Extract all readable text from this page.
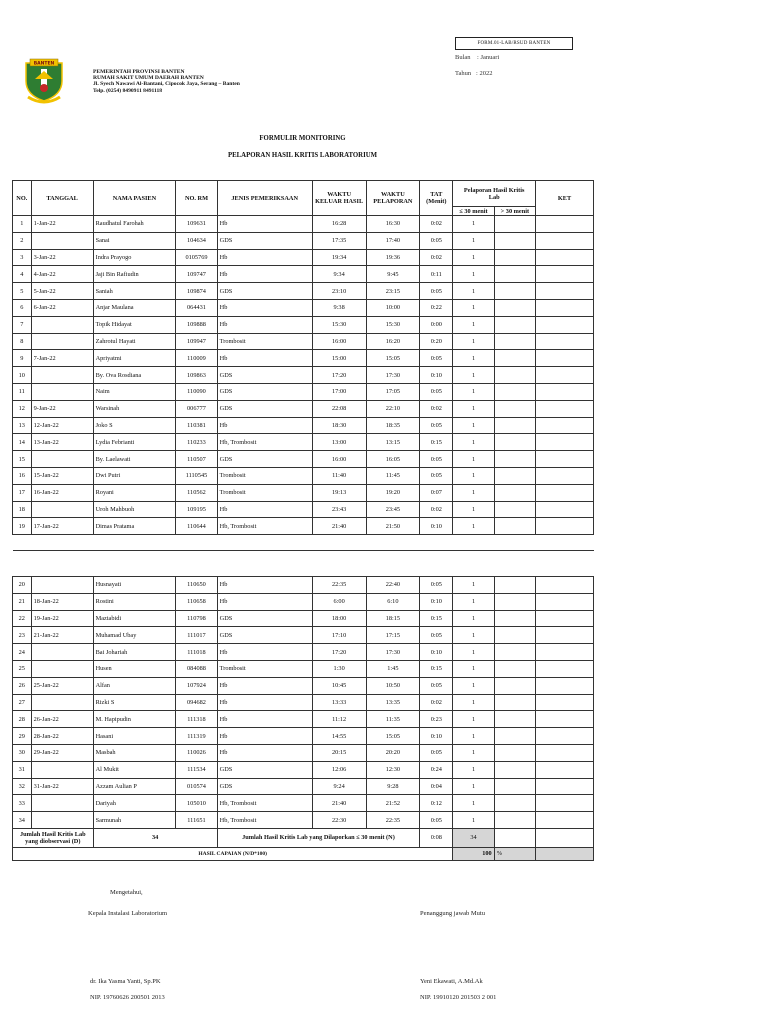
FORM.01-LAB/RSUD BANTEN
Bulan : Januari
Tahun : 2022
BANTEN
PEMERINTAH PROVINSI BANTEN
RUMAH SAKIT UMUM DAERAH BANTEN
Jl. Syech Nawawi Al-Bantani, Cipocok Jaya, Serang – Banten
Telp. (0254) 8490911 8491118
FORMULIR MONITORING
PELAPORAN HASIL KRITIS LABORATORIUM
NO.	TANGGAL	NAMA PASIEN	NO. RM	JENIS PEMERIKSAAN	WAKTU
KELUAR HASIL	WAKTU
PELAPORAN	TAT
(Menit)	Pelaporan Hasil Kritis
Lab		KET
								≤ 30 menit	> 30 menit	
1	1-Jan-22	Raudhatul Farohah	109631	Hb	16:28	16:30	0:02	1		
2		Sanai	104634	GDS	17:35	17:40	0:05	1		
3	3-Jan-22	Indra Prayogo	0105769	Hb	19:34	19:36	0:02	1		
4	4-Jan-22	Jaji Bin Rafiudin	109747	Hb	9:34	9:45	0:11	1		
5	5-Jan-22	Saniah	109874	GDS	23:10	23:15	0:05	1		
6	6-Jan-22	Anjar Maulana	064431	Hb	9:38	10:00	0:22	1		
7		Topik Hidayat	109888	Hb	15:30	15:30	0:00	1		
8		Zahrotul Hayati	109947	Trombosit	16:00	16:20	0:20	1		
9	7-Jan-22	Apriyatmi	110009	Hb	15:00	15:05	0:05	1		
10		By. Ova Rosdiana	109863	GDS	17:20	17:30	0:10	1		
11		Naim	110090	GDS	17:00	17:05	0:05	1		
12	9-Jan-22	Warsinah	006777	GDS	22:08	22:10	0:02	1		
13	12-Jan-22	Joko S	110381	Hb	18:30	18:35	0:05	1		
14	13-Jan-22	Lydia Febrianti	110233	Hb, Trombosit	13:00	13:15	0:15	1		
15		By. Laelawati	110507	GDS	16:00	16:05	0:05	1		
16	15-Jan-22	Dwi Putri	1110545	Trombosit	11:40	11:45	0:05	1		
17	16-Jan-22	Royani	110562	Trombosit	19:13	19:20	0:07	1		
18		Uroh Mahbuoh	109195	Hb	23:43	23:45	0:02	1		
19	17-Jan-22	Dimas Pratama	110644	Hb, Trombosit	21:40	21:50	0:10	1		

20		Husnayati	110650	Hb	22:35	22:40	0:05	1		
21	18-Jan-22	Rostini	110658	Hb	6:00	6:10	0:10	1		
22	19-Jan-22	Maztabidi	110798	GDS	18:00	18:15	0:15	1		
23	21-Jan-22	Muhamad Ubay	111017	GDS	17:10	17:15	0:05	1		
24		Bai Johariah	111018	Hb	17:20	17:30	0:10	1		
25		Husen	084088	Trombosit	1:30	1:45	0:15	1		
26	25-Jan-22	Alfan	107924	Hb	10:45	10:50	0:05	1		
27		Rizki S	094682	Hb	13:33	13:35	0:02	1		
28	26-Jan-22	M. Hapipudin	111318	Hb	11:12	11:35	0:23	1		
29	28-Jan-22	Hasani	111319	Hb	14:55	15:05	0:10	1		
30	29-Jan-22	Masbah	110026	Hb	20:15	20:20	0:05	1		
31		Al Mukit	111534	GDS	12:06	12:30	0:24	1		
32	31-Jan-22	Azzam Aulian P	010574	GDS	9:24	9:28	0:04	1		
33		Dariyah	105010	Hb, Trombosit	21:40	21:52	0:12	1		
34		Sarmunah	111651	Hb, Trombosit	22:30	22:35	0:05	1		
Jumlah Hasil Kritis Lab
yang diobservasi (D)		34		Jumlah Hasil Kritis Lab yang Dilaporkan ≤ 30 menit (N)			0:08	34		
HASIL CAPAIAN (N/D*100)								100	%	
Mengetahui,
Kepala Instalasi Laboratorium	Penanggung jawab Mutu
dr. Ika Yasma Yanti, Sp.PK
NIP. 19760626 200501 2013
Yeni Ekawati, A.Md.Ak
NIP. 19910120 201503 2 001
